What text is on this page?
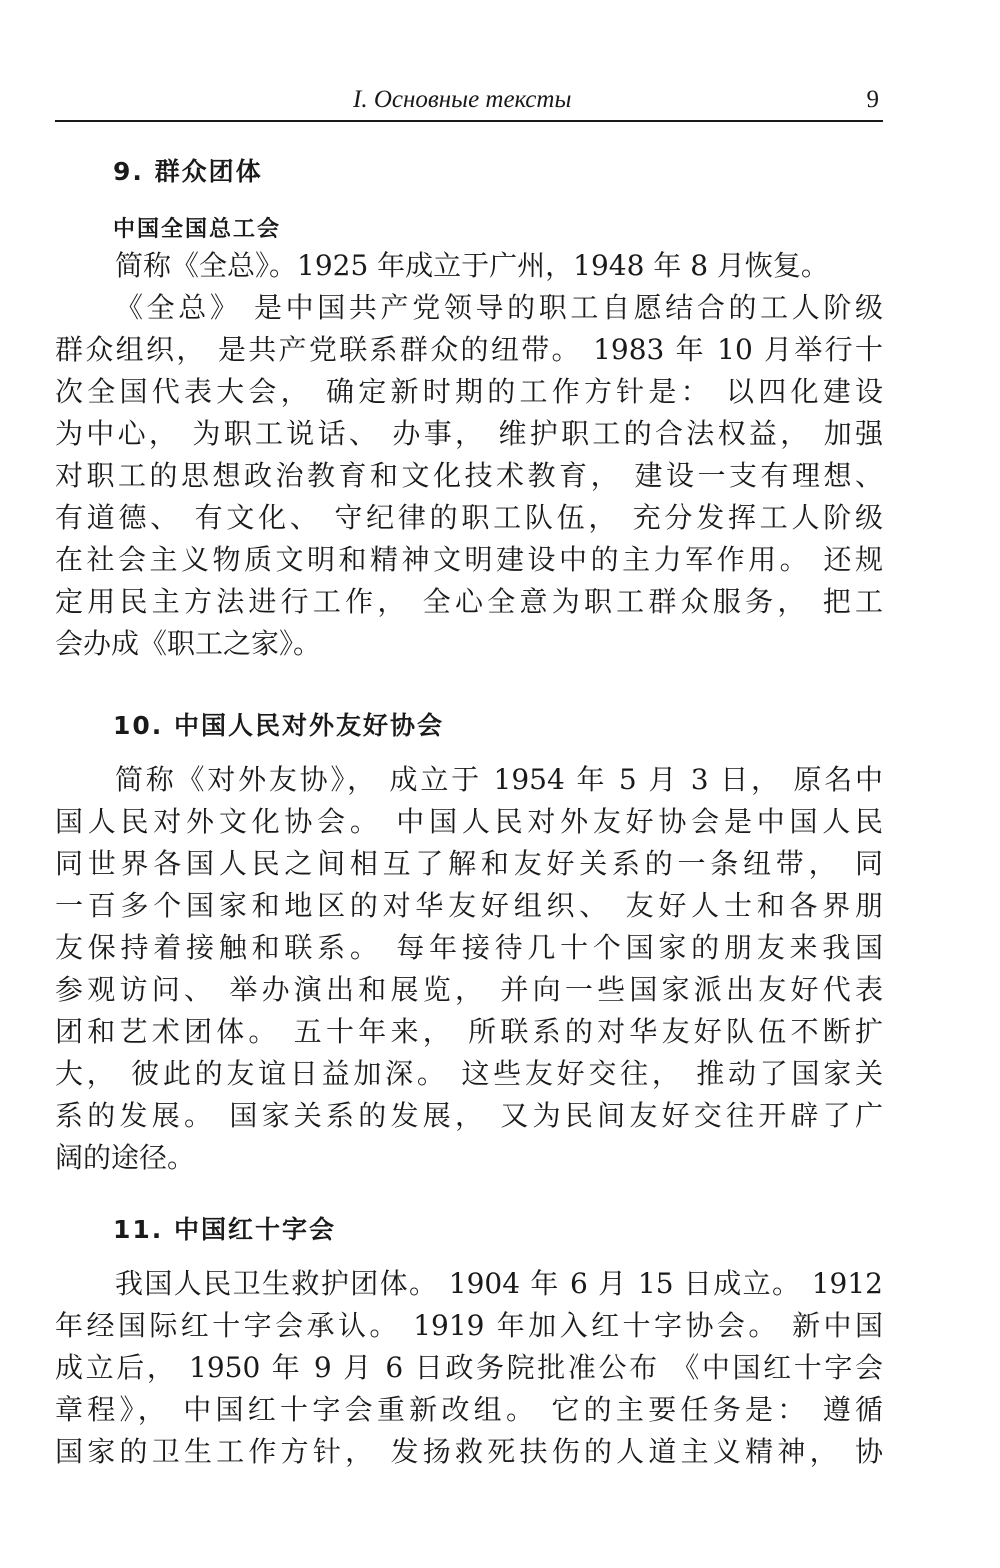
I. Основные тексты	9
9. 群众团体
中国全国总工会
简称《全总》。1925 年成立于广州，1948 年 8 月恢复。
《全总》 是中国共产党领导的职工自愿结合的工人阶级
群众组织， 是共产党联系群众的纽带。 1983 年 10 月举行十
次全国代表大会， 确定新时期的工作方针是： 以四化建设
为中心， 为职工说话、 办事， 维护职工的合法权益， 加强
对职工的思想政治教育和文化技术教育， 建设一支有理想、
有道德、 有文化、 守纪律的职工队伍， 充分发挥工人阶级
在社会主义物质文明和精神文明建设中的主力军作用。 还规
定用民主方法进行工作， 全心全意为职工群众服务， 把工
会办成《职工之家》。
10. 中国人民对外友好协会
简称《对外友协》， 成立于 1954 年 5 月 3 日， 原名中
国人民对外文化协会。 中国人民对外友好协会是中国人民
同世界各国人民之间相互了解和友好关系的一条纽带， 同
一百多个国家和地区的对华友好组织、 友好人士和各界朋
友保持着接触和联系。 每年接待几十个国家的朋友来我国
参观访问、 举办演出和展览， 并向一些国家派出友好代表
团和艺术团体。 五十年来， 所联系的对华友好队伍不断扩
大， 彼此的友谊日益加深。 这些友好交往， 推动了国家关
系的发展。 国家关系的发展， 又为民间友好交往开辟了广
阔的途径。
11. 中国红十字会
我国人民卫生救护团体。 1904 年 6 月 15 日成立。 1912
年经国际红十字会承认。 1919 年加入红十字协会。 新中国
成立后， 1950 年 9 月 6 日政务院批准公布 《中国红十字会
章程》， 中国红十字会重新改组。 它的主要任务是： 遵循
国家的卫生工作方针， 发扬救死扶伤的人道主义精神， 协
